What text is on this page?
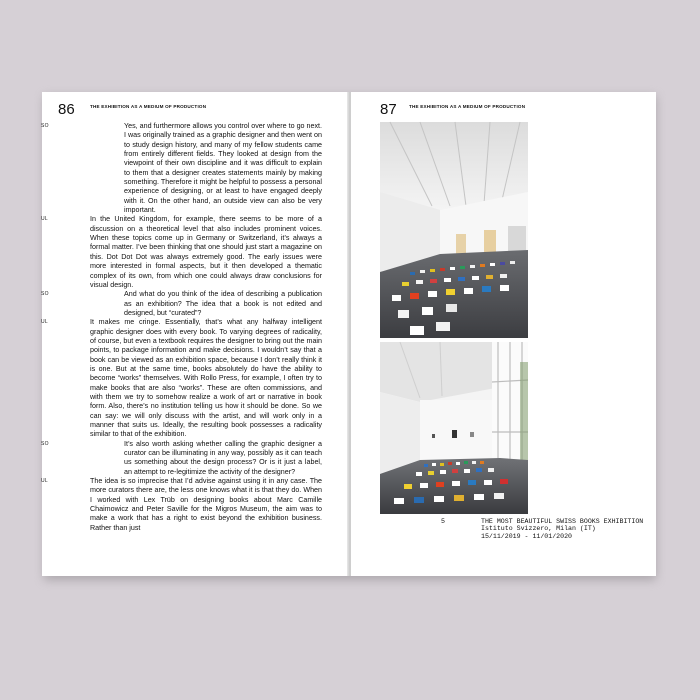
86	THE EXHIBITION AS A MEDIUM OF PRODUCTION

SO	Yes, and furthermore allows you control over where to go next. I was originally trained as a graphic designer and then went on to study design history, and many of my fellow students came from entirely different fields. They looked at design from the viewpoint of their own discipline and it was difficult to explain to them that a designer creates statements mainly by making something. Therefore it might be helpful to possess a personal experience of designing, or at least to have engaged deeply with it. On the other hand, an outside view can also be very important.

UL	In the United Kingdom, for example, there seems to be more of a discussion on a theoretical level that also includes prominent voices. When these topics come up in Germany or Switzerland, it’s always a formal matter. I’ve been thinking that one should just start a magazine on this. Dot Dot Dot was always extremely good. The early issues were more interested in formal aspects, but it then developed a thematic complex of its own, from which one could always draw conclusions for visual design.

SO	And what do you think of the idea of describing a publication as an exhibition? The idea that a book is not edited and designed, but “curated”?

UL	It makes me cringe. Essentially, that’s what any halfway intelligent graphic designer does with every book. To varying degrees of radicality, of course, but even a textbook requires the designer to bring out the main points, to package information and make decisions. I wouldn’t say that a book can be viewed as an exhibition space, because I don’t really think it is one. But at the same time, books absolutely do have the ability to become “works” themselves. With Rollo Press, for example, I often try to make books that are also “works”. These are often commissions, and with them we try to somehow realize a work of art or narrative in book form. Also, there’s no institution telling us how it should be done. So we can say: we will only discuss with the artist, and will work only in a manner that suits us. Ideally, the resulting book possesses a radicality similar to that of the exhibition.

SO	It’s also worth asking whether calling the graphic designer a curator can be illuminating in any way, possibly as it can teach us something about the design process? Or is it just a label, an attempt to re-legitimize the activity of the designer?

UL	The idea is so imprecise that I’d advise against using it in any case. The more curators there are, the less one knows what it is that they do. When I worked with Lex Trüb on designing books about Marc Camille Chaimowicz and Peter Saville for the Migros Museum, the aim was to make a work that has a right to exist beyond the exhibition business. Rather than just

87	THE EXHIBITION AS A MEDIUM OF PRODUCTION
5	THE MOST BEAUTIFUL SWISS BOOKS EXHIBITION
Istituto Svizzero, Milan (IT)
15/11/2019 - 11/01/2020
